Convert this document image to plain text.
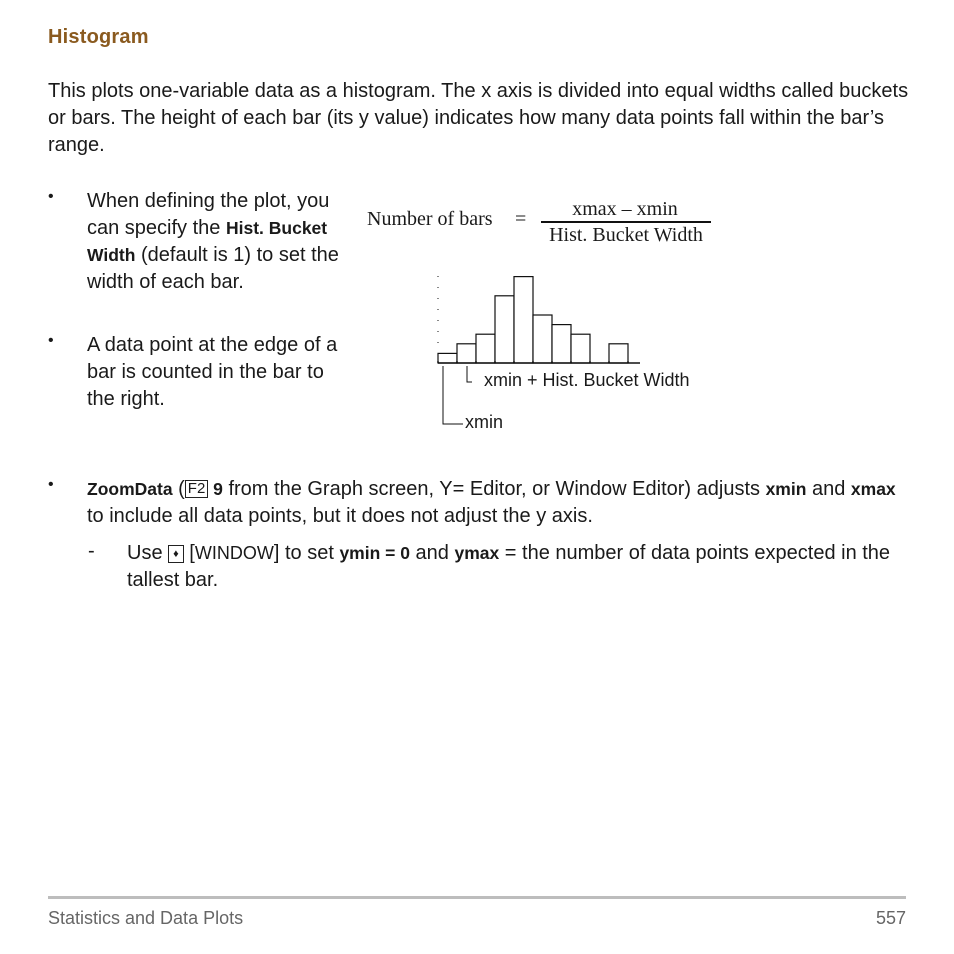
Histogram
This plots one-variable data as a histogram. The x axis is divided into equal widths called buckets or bars. The height of each bar (its y value) indicates how many data points fall within the bar’s range.
• When defining the plot, you can specify the Hist. Bucket Width (default is 1) to set the width of each bar.
• A data point at the edge of a bar is counted in the bar to the right.
Number of bars =	xmax – xmin
Hist. Bucket Width
xmin + Hist. Bucket Width
xmin
• ZoomData ( F2 9 from the Graph screen, Y= Editor, or Window Editor) adjusts xmin and xmax to include all data points, but it does not adjust the y axis.
- Use ♦ [WINDOW] to set ymin = 0 and ymax = the number of data points expected in the tallest bar.
Statistics and Data Plots	557
